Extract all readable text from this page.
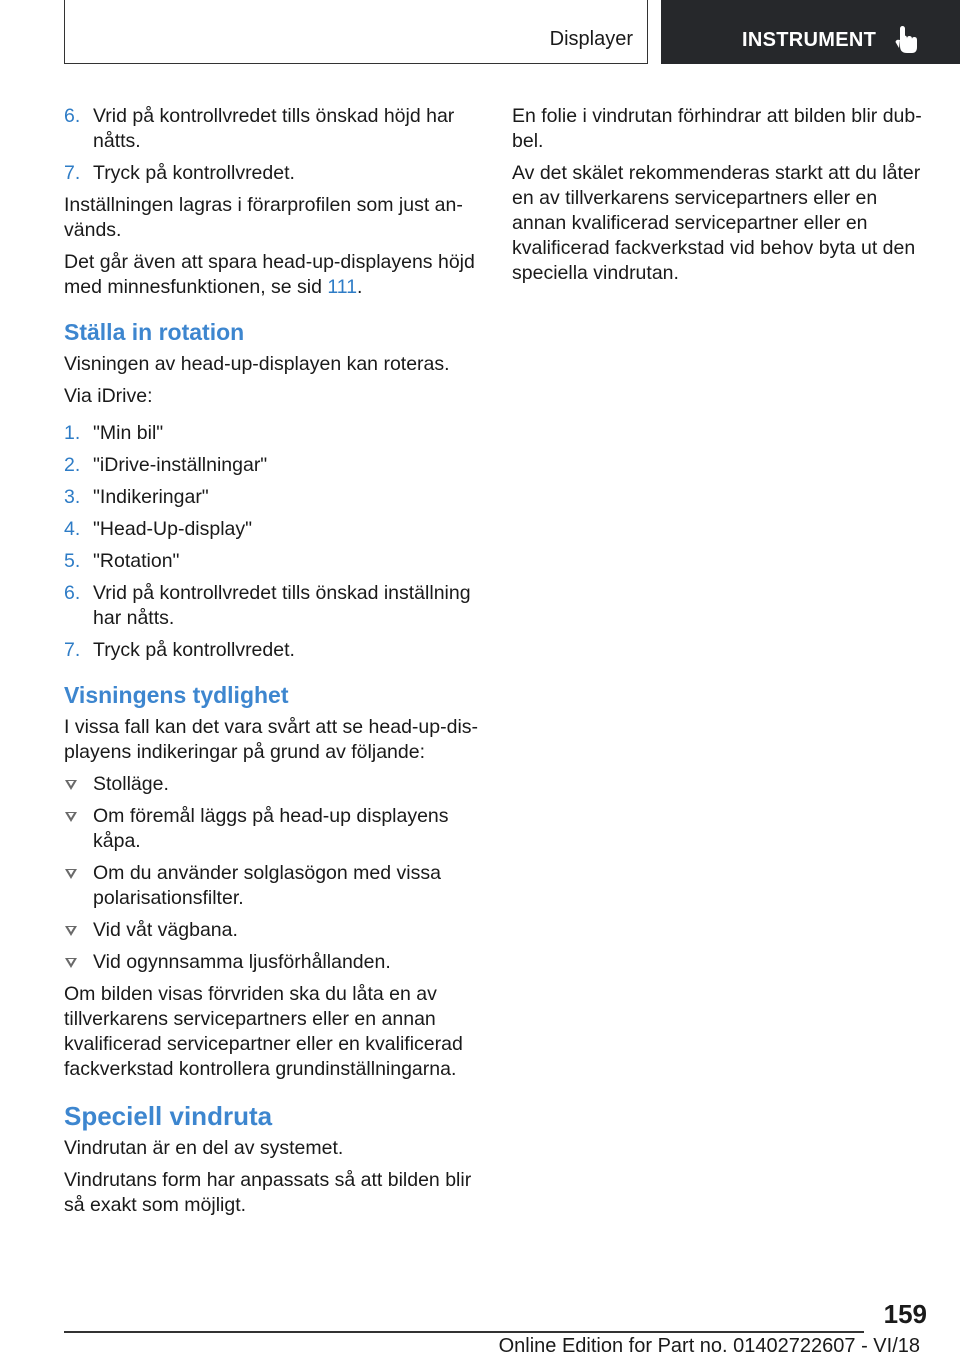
Displayer	INSTRUMENT
6. Vrid på kontrollvredet tills önskad höjd har nåtts.
7. Tryck på kontrollvredet.

Inställningen lagras i förarprofilen som just används.

Det går även att spara head-up-displayens höjd med minnesfunktionen, se sid 111.

Ställa in rotation

Visningen av head-up-displayen kan roteras.

Via iDrive:

1. "Min bil"
2. "iDrive-inställningar"
3. "Indikeringar"
4. "Head-Up-display"
5. "Rotation"
6. Vrid på kontrollvredet tills önskad inställning har nåtts.
7. Tryck på kontrollvredet.
Visningens tydlighet

I vissa fall kan det vara svårt att se head-up-displayens indikeringar på grund av följande:

Stolläge.
Om föremål läggs på head-up displayens kåpa.
Om du använder solglasögon med vissa polarisationsfilter.
Vid våt vägbana.
Vid ogynnsamma ljusförhållanden.

Om bilden visas förvriden ska du låta en av tillverkarens servicepartners eller en annan kvalificerad servicepartner eller en kvalificerad fackverkstad kontrollera grundinställningarna.

Speciell vindruta

Vindrutan är en del av systemet.

Vindrutans form har anpassats så att bilden blir så exakt som möjligt.

En folie i vindrutan förhindrar att bilden blir dubbel.

Av det skälet rekommenderas starkt att du låter en av tillverkarens servicepartners eller en annan kvalificerad servicepartner eller en kvalificerad fackverkstad vid behov byta ut den speciella vindrutan.

159
Online Edition for Part no. 01402722607 - VI/18
